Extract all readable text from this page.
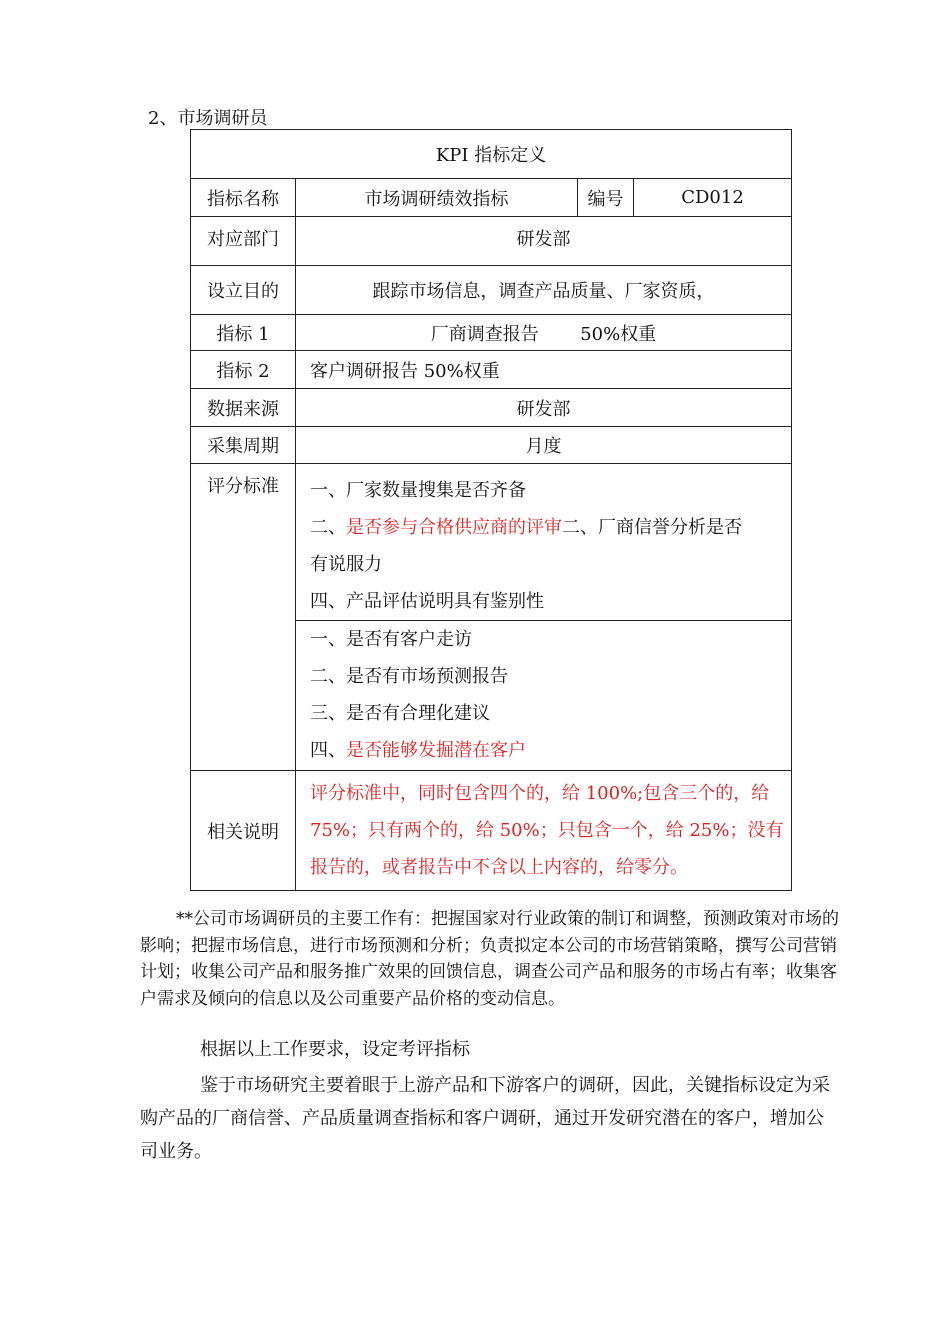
2、市场调研员
KPI 指标定义			
指标名称	市场调研绩效指标	编号	CD012
对应部门	研发部		
设立目的	跟踪市场信息，调查产品质量、厂家资质，		
指标 1	厂商调查报告 50%权重		
指标 2	客户调研报告 50%权重		
数据来源	研发部		
采集周期	月度		
评分标准	一、厂家数量搜集是否齐备
二、是否参与合格供应商的评审二、厂商信誉分析是否
有说服力
四、产品评估说明具有鉴别性		

	一、是否有客户走访
二、是否有市场预测报告
三、是否有合理化建议
四、是否能够发掘潜在客户		

相关说明	评分标准中，同时包含四个的，给 100%;包含三个的，给 75%；只有两个的，给 50%；只包含一个，给 25%；没有报告的，或者报告中不含以上内容的，给零分。		

**公司市场调研员的主要工作有：把握国家对行业政策的制订和调整，预测政策对市场的影响；把握市场信息，进行市场预测和分析；负责拟定本公司的市场营销策略，撰写公司营销计划；收集公司产品和服务推广效果的回馈信息，调查公司产品和服务的市场占有率；收集客户需求及倾向的信息以及公司重要产品价格的变动信息。

根据以上工作要求，设定考评指标

鉴于市场研究主要着眼于上游产品和下游客户的调研，因此，关键指标设定为采购产品的厂商信誉、产品质量调查指标和客户调研，通过开发研究潜在的客户，增加公司业务。
